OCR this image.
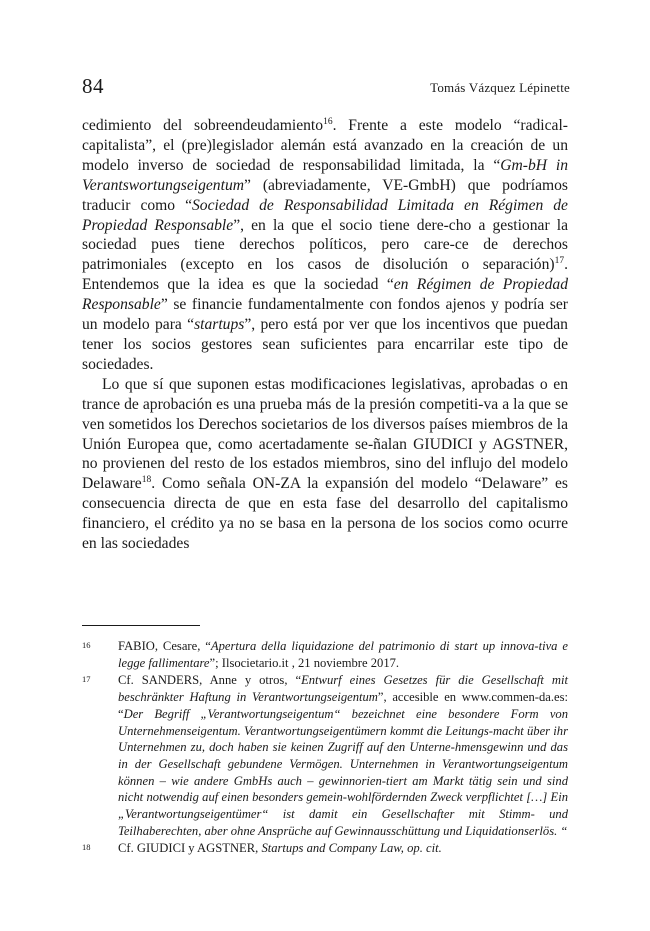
84	Tomás Vázquez Lépinette

cedimiento del sobreendeudamiento$^{16}$. Frente a este modelo “radical-capitalista”, el (pre)legislador alemán está avanzado en la creación de un modelo inverso de sociedad de responsabilidad limitada, la “Gm-bH in Verantswortungseigentum” (abreviadamente, VE-GmbH) que podríamos traducir como “Sociedad de Responsabilidad Limitada en Régimen de Propiedad Responsable”, en la que el socio tiene dere-cho a gestionar la sociedad pues tiene derechos políticos, pero care-ce de derechos patrimoniales (excepto en los casos de disolución o separación)$^{17}$. Entendemos que la idea es que la sociedad “en Régimen de Propiedad Responsable” se financie fundamentalmente con fondos ajenos y podría ser un modelo para “startups”, pero está por ver que los incentivos que puedan tener los socios gestores sean suficientes para encarrilar este tipo de sociedades.

Lo que sí que suponen estas modificaciones legislativas, aprobadas o en trance de aprobación es una prueba más de la presión competiti-va a la que se ven sometidos los Derechos societarios de los diversos países miembros de la Unión Europea que, como acertadamente se-ñalan GIUDICI y AGSTNER, no provienen del resto de los estados miembros, sino del influjo del modelo Delaware$^{18}$. Como señala ON-ZA la expansión del modelo “Delaware” es consecuencia directa de que en esta fase del desarrollo del capitalismo financiero, el crédito ya no se basa en la persona de los socios como ocurre en las sociedades

16	FABIO, Cesare, “Apertura della liquidazione del patrimonio di start up innova-tiva e legge fallimentare”; Ilsocietario.it , 21 noviembre 2017.
17	Cf. SANDERS, Anne y otros, “Entwurf eines Gesetzes für die Gesellschaft mit beschränkter Haftung in Verantwortungseigentum”, accesible en www.commen-da.es: “Der Begriff „Verantwortungseigentum“ bezeichnet eine besondere Form von Unternehmenseigentum. Verantwortungseigentümern kommt die Leitungs-macht über ihr Unternehmen zu, doch haben sie keinen Zugriff auf den Unterne-hmensgewinn und das in der Gesellschaft gebundene Vermögen. Unternehmen in Verantwortungseigentum können – wie andere GmbHs auch – gewinnorien-tiert am Markt tätig sein und sind nicht notwendig auf einen besonders gemein-wohlfördernden Zweck verpflichtet […] Ein „Verantwortungseigentümer“ ist damit ein Gesellschafter mit Stimm- und Teilhaberechten, aber ohne Ansprüche auf Gewinnausschüttung und Liquidationserlös. “
18	Cf. GIUDICI y AGSTNER, Startups and Company Law, op. cit.
